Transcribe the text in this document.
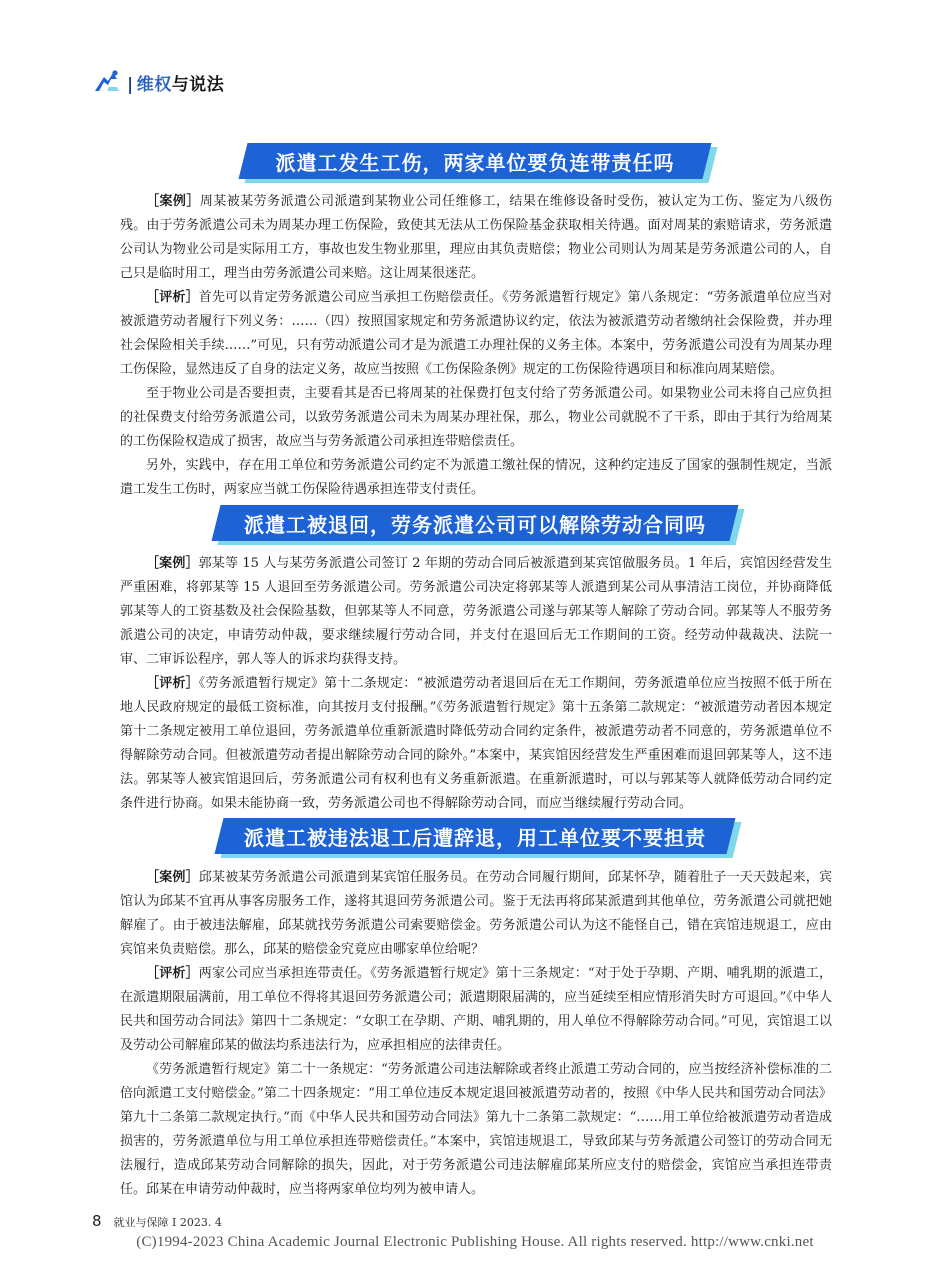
| 维权与说法
派遣工发生工伤，两家单位要负连带责任吗

［案例］周某被某劳务派遣公司派遣到某物业公司任维修工，结果在维修设备时受伤，被认定为工伤、鉴定为八级伤残。由于劳务派遣公司未为周某办理工伤保险，致使其无法从工伤保险基金获取相关待遇。面对周某的索赔请求，劳务派遣公司认为物业公司是实际用工方，事故也发生物业那里，理应由其负责赔偿；物业公司则认为周某是劳务派遣公司的人，自己只是临时用工，理当由劳务派遣公司来赔。这让周某很迷茫。

［评析］首先可以肯定劳务派遣公司应当承担工伤赔偿责任。《劳务派遣暂行规定》第八条规定：“劳务派遣单位应当对被派遣劳动者履行下列义务：……（四）按照国家规定和劳务派遣协议约定，依法为被派遣劳动者缴纳社会保险费，并办理社会保险相关手续……”可见，只有劳动派遣公司才是为派遣工办理社保的义务主体。本案中，劳务派遣公司没有为周某办理工伤保险，显然违反了自身的法定义务，故应当按照《工伤保险条例》规定的工伤保险待遇项目和标准向周某赔偿。

至于物业公司是否要担责，主要看其是否已将周某的社保费打包支付给了劳务派遣公司。如果物业公司未将自己应负担的社保费支付给劳务派遣公司，以致劳务派遣公司未为周某办理社保，那么，物业公司就脱不了干系，即由于其行为给周某的工伤保险权造成了损害，故应当与劳务派遣公司承担连带赔偿责任。

另外，实践中，存在用工单位和劳务派遣公司约定不为派遣工缴社保的情况，这种约定违反了国家的强制性规定，当派遣工发生工伤时，两家应当就工伤保险待遇承担连带支付责任。

派遣工被退回，劳务派遣公司可以解除劳动合同吗

［案例］郭某等 15 人与某劳务派遣公司签订 2 年期的劳动合同后被派遣到某宾馆做服务员。1 年后，宾馆因经营发生严重困难，将郭某等 15 人退回至劳务派遣公司。劳务派遣公司决定将郭某等人派遣到某公司从事清洁工岗位，并协商降低郭某等人的工资基数及社会保险基数，但郭某等人不同意，劳务派遣公司遂与郭某等人解除了劳动合同。郭某等人不服劳务派遣公司的决定，申请劳动仲裁，要求继续履行劳动合同，并支付在退回后无工作期间的工资。经劳动仲裁裁决、法院一审、二审诉讼程序，郭人等人的诉求均获得支持。

［评析］《劳务派遣暂行规定》第十二条规定：“被派遣劳动者退回后在无工作期间，劳务派遣单位应当按照不低于所在地人民政府规定的最低工资标准，向其按月支付报酬。”《劳务派遣暂行规定》第十五条第二款规定：“被派遣劳动者因本规定第十二条规定被用工单位退回，劳务派遣单位重新派遣时降低劳动合同约定条件，被派遣劳动者不同意的，劳务派遣单位不得解除劳动合同。但被派遣劳动者提出解除劳动合同的除外。”本案中，某宾馆因经营发生严重困难而退回郭某等人，这不违法。郭某等人被宾馆退回后，劳务派遣公司有权利也有义务重新派遣。在重新派遣时，可以与郭某等人就降低劳动合同约定条件进行协商。如果未能协商一致，劳务派遣公司也不得解除劳动合同，而应当继续履行劳动合同。

派遣工被违法退工后遭辞退，用工单位要不要担责

［案例］邱某被某劳务派遣公司派遣到某宾馆任服务员。在劳动合同履行期间，邱某怀孕，随着肚子一天天鼓起来，宾馆认为邱某不宜再从事客房服务工作，遂将其退回劳务派遣公司。鉴于无法再将邱某派遣到其他单位，劳务派遣公司就把她解雇了。由于被违法解雇，邱某就找劳务派遣公司索要赔偿金。劳务派遣公司认为这不能怪自己，错在宾馆违规退工，应由宾馆来负责赔偿。那么，邱某的赔偿金究竟应由哪家单位给呢？

［评析］两家公司应当承担连带责任。《劳务派遣暂行规定》第十三条规定：“对于处于孕期、产期、哺乳期的派遣工，在派遣期限届满前，用工单位不得将其退回劳务派遣公司；派遣期限届满的，应当延续至相应情形消失时方可退回。”《中华人民共和国劳动合同法》第四十二条规定：“女职工在孕期、产期、哺乳期的，用人单位不得解除劳动合同。”可见，宾馆退工以及劳动公司解雇邱某的做法均系违法行为，应承担相应的法律责任。

《劳务派遣暂行规定》第二十一条规定：“劳务派遣公司违法解除或者终止派遣工劳动合同的，应当按经济补偿标准的二倍向派遣工支付赔偿金。”第二十四条规定：“用工单位违反本规定退回被派遣劳动者的，按照《中华人民共和国劳动合同法》第九十二条第二款规定执行。”而《中华人民共和国劳动合同法》第九十二条第二款规定：“……用工单位给被派遣劳动者造成损害的，劳务派遣单位与用工单位承担连带赔偿责任。”本案中，宾馆违规退工，导致邱某与劳务派遣公司签订的劳动合同无法履行，造成邱某劳动合同解除的损失，因此，对于劳务派遣公司违法解雇邱某所应支付的赔偿金，宾馆应当承担连带责任。邱某在申请劳动仲裁时，应当将两家单位均列为被申请人。

8 就业与保障 I 2023. 4
(C)1994-2023 China Academic Journal Electronic Publishing House. All rights reserved. http://www.cnki.net
